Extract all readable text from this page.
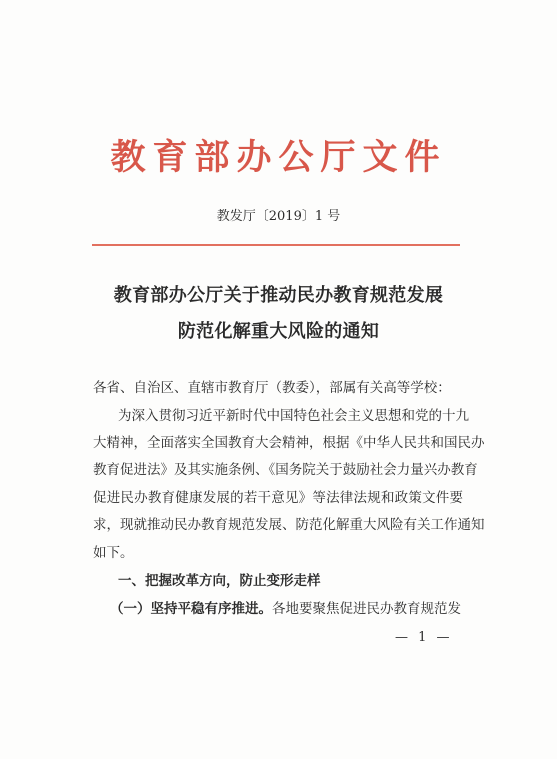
教育部办公厅文件
教发厅〔2019〕1 号
教育部办公厅关于推动民办教育规范发展
防范化解重大风险的通知
各省、自治区、直辖市教育厅（教委），部属有关高等学校：
为深入贯彻习近平新时代中国特色社会主义思想和党的十九
大精神，全面落实全国教育大会精神，根据《中华人民共和国民办
教育促进法》及其实施条例、《国务院关于鼓励社会力量兴办教育
促进民办教育健康发展的若干意见》等法律法规和政策文件要
求，现就推动民办教育规范发展、防范化解重大风险有关工作通知
如下。
一、把握改革方向，防止变形走样
（一）坚持平稳有序推进。各地要聚焦促进民办教育规范发
— 1 —
